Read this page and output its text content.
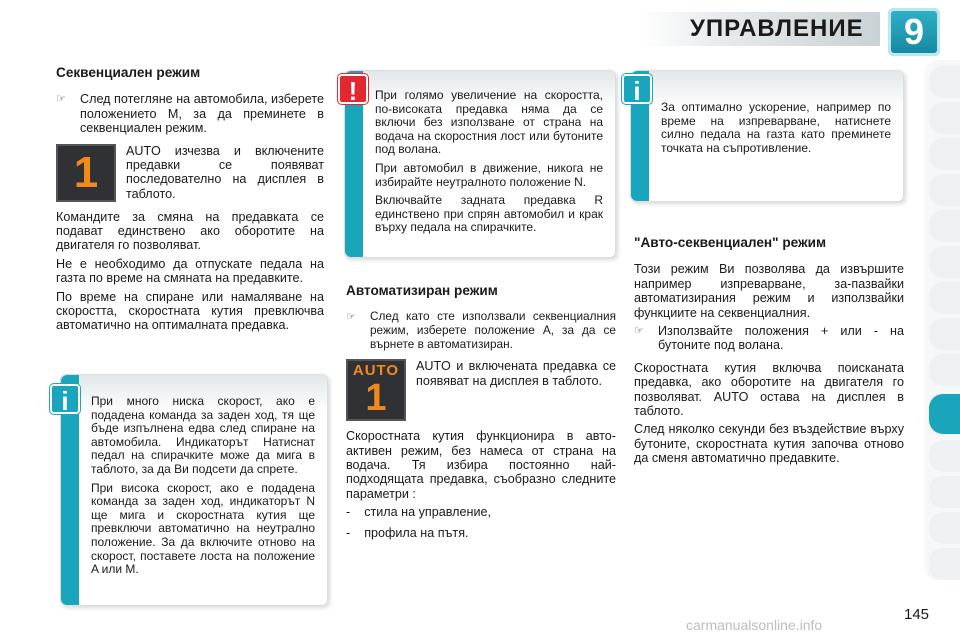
УПРАВЛЕНИЕ	9
Секвенциален режим
☞	След потегляне на автомобила, изберете положението M, за да преминете в секвенциален режим.
1 AUTO изчезва и включените предавки се появяват последователно на дисплея в таблото.

Командите за смяна на предавката се подават единствено ако оборотите на двигателя го позволяват.

Не е необходимо да отпускате педала на газта по време на смяната на предавките.

По време на спиране или намаляване на скоростта, скоростната кутия превключва автоматично на оптималната предавка.

При много ниска скорост, ако е подадена команда за заден ход, тя ще бъде изпълнена едва след спиране на автомобила. Индикаторът Натиснат педал на спирачките може да мига в таблото, за да Ви подсети да спрете.

При висока скорост, ако е подадена команда за заден ход, индикаторът N ще мига и скоростната кутия ще превключи автоматично на неутрално положение. За да включите отново на скорост, поставете лоста на положение A или M.

i

При голямо увеличение на скоростта, по-високата предавка няма да се включи без използване от страна на водача на скоростния лост или бутоните под волана.

При автомобил в движение, никога не избирайте неутралното положение N.

Включвайте задната предавка R единствено при спрян автомобил и крак върху педала на спирачките.

!
Автоматизиран режим
☞	След като сте използвали секвенциалния режим, изберете положение A, за да се върнете в автоматизиран.
AUTO
1
AUTO и включената предавка се появяват на дисплея в таблото.

Скоростната кутия функционира в авто-активен режим, без намеса от страна на водача. Тя избира постоянно най-подходящата предавка, съобразно следните параметри :

- стила на управление,
- профила на пътя.

За оптимално ускорение, например по време на изпреварване, натиснете силно педала на газта като преминете точката на съпротивление.

i
"Авто-секвенциален" режим

Този режим Ви позволява да извършите например изпреварване, за-пазвайки автоматизирания режим и използвайки функциите на секвенциалния.

☞	Използвайте положения + или - на бутоните под волана.

Скоростната кутия включва поисканата предавка, ако оборотите на двигателя го позволяват. AUTO остава на дисплея в таблото.

След няколко секунди без въздействие върху бутоните, скоростната кутия започва отново да сменя автоматично предавките.

145
carmanualsonline.info
